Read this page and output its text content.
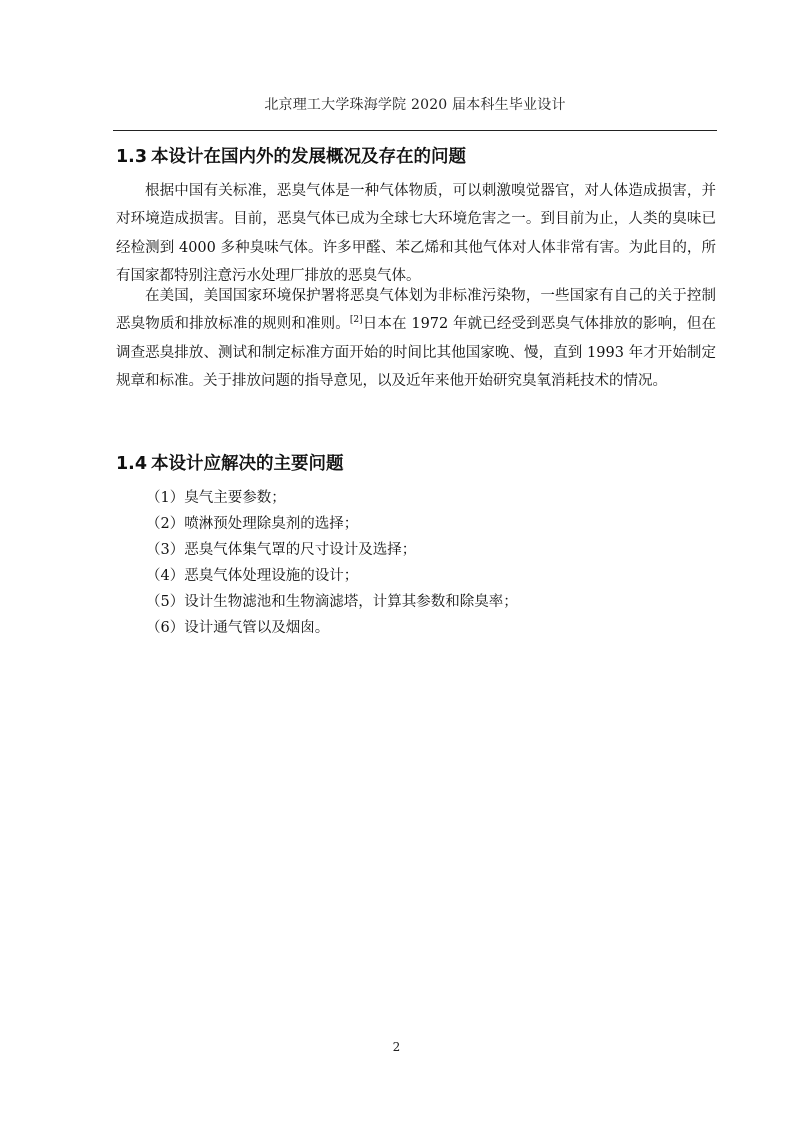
北京理工大学珠海学院 2020 届本科生毕业设计
1.3 本设计在国内外的发展概况及存在的问题

根据中国有关标准，恶臭气体是一种气体物质，可以刺激嗅觉器官，对人体造成损害，并对环境造成损害。目前，恶臭气体已成为全球七大环境危害之一。到目前为止，人类的臭味已经检测到 4000 多种臭味气体。许多甲醛、苯乙烯和其他气体对人体非常有害。为此目的，所有国家都特别注意污水处理厂排放的恶臭气体。

在美国，美国国家环境保护署将恶臭气体划为非标准污染物，一些国家有自己的关于控制恶臭物质和排放标准的规则和准则。[2]日本在 1972 年就已经受到恶臭气体排放的影响，但在调查恶臭排放、测试和制定标准方面开始的时间比其他国家晚、慢，直到 1993 年才开始制定规章和标准。关于排放问题的指导意见，以及近年来他开始研究臭氧消耗技术的情况。

1.4 本设计应解决的主要问题
（1）臭气主要参数；
（2）喷淋预处理除臭剂的选择；
（3）恶臭气体集气罩的尺寸设计及选择；
（4）恶臭气体处理设施的设计；
（5）设计生物滤池和生物滴滤塔，计算其参数和除臭率；
（6）设计通气管以及烟囱。
2
